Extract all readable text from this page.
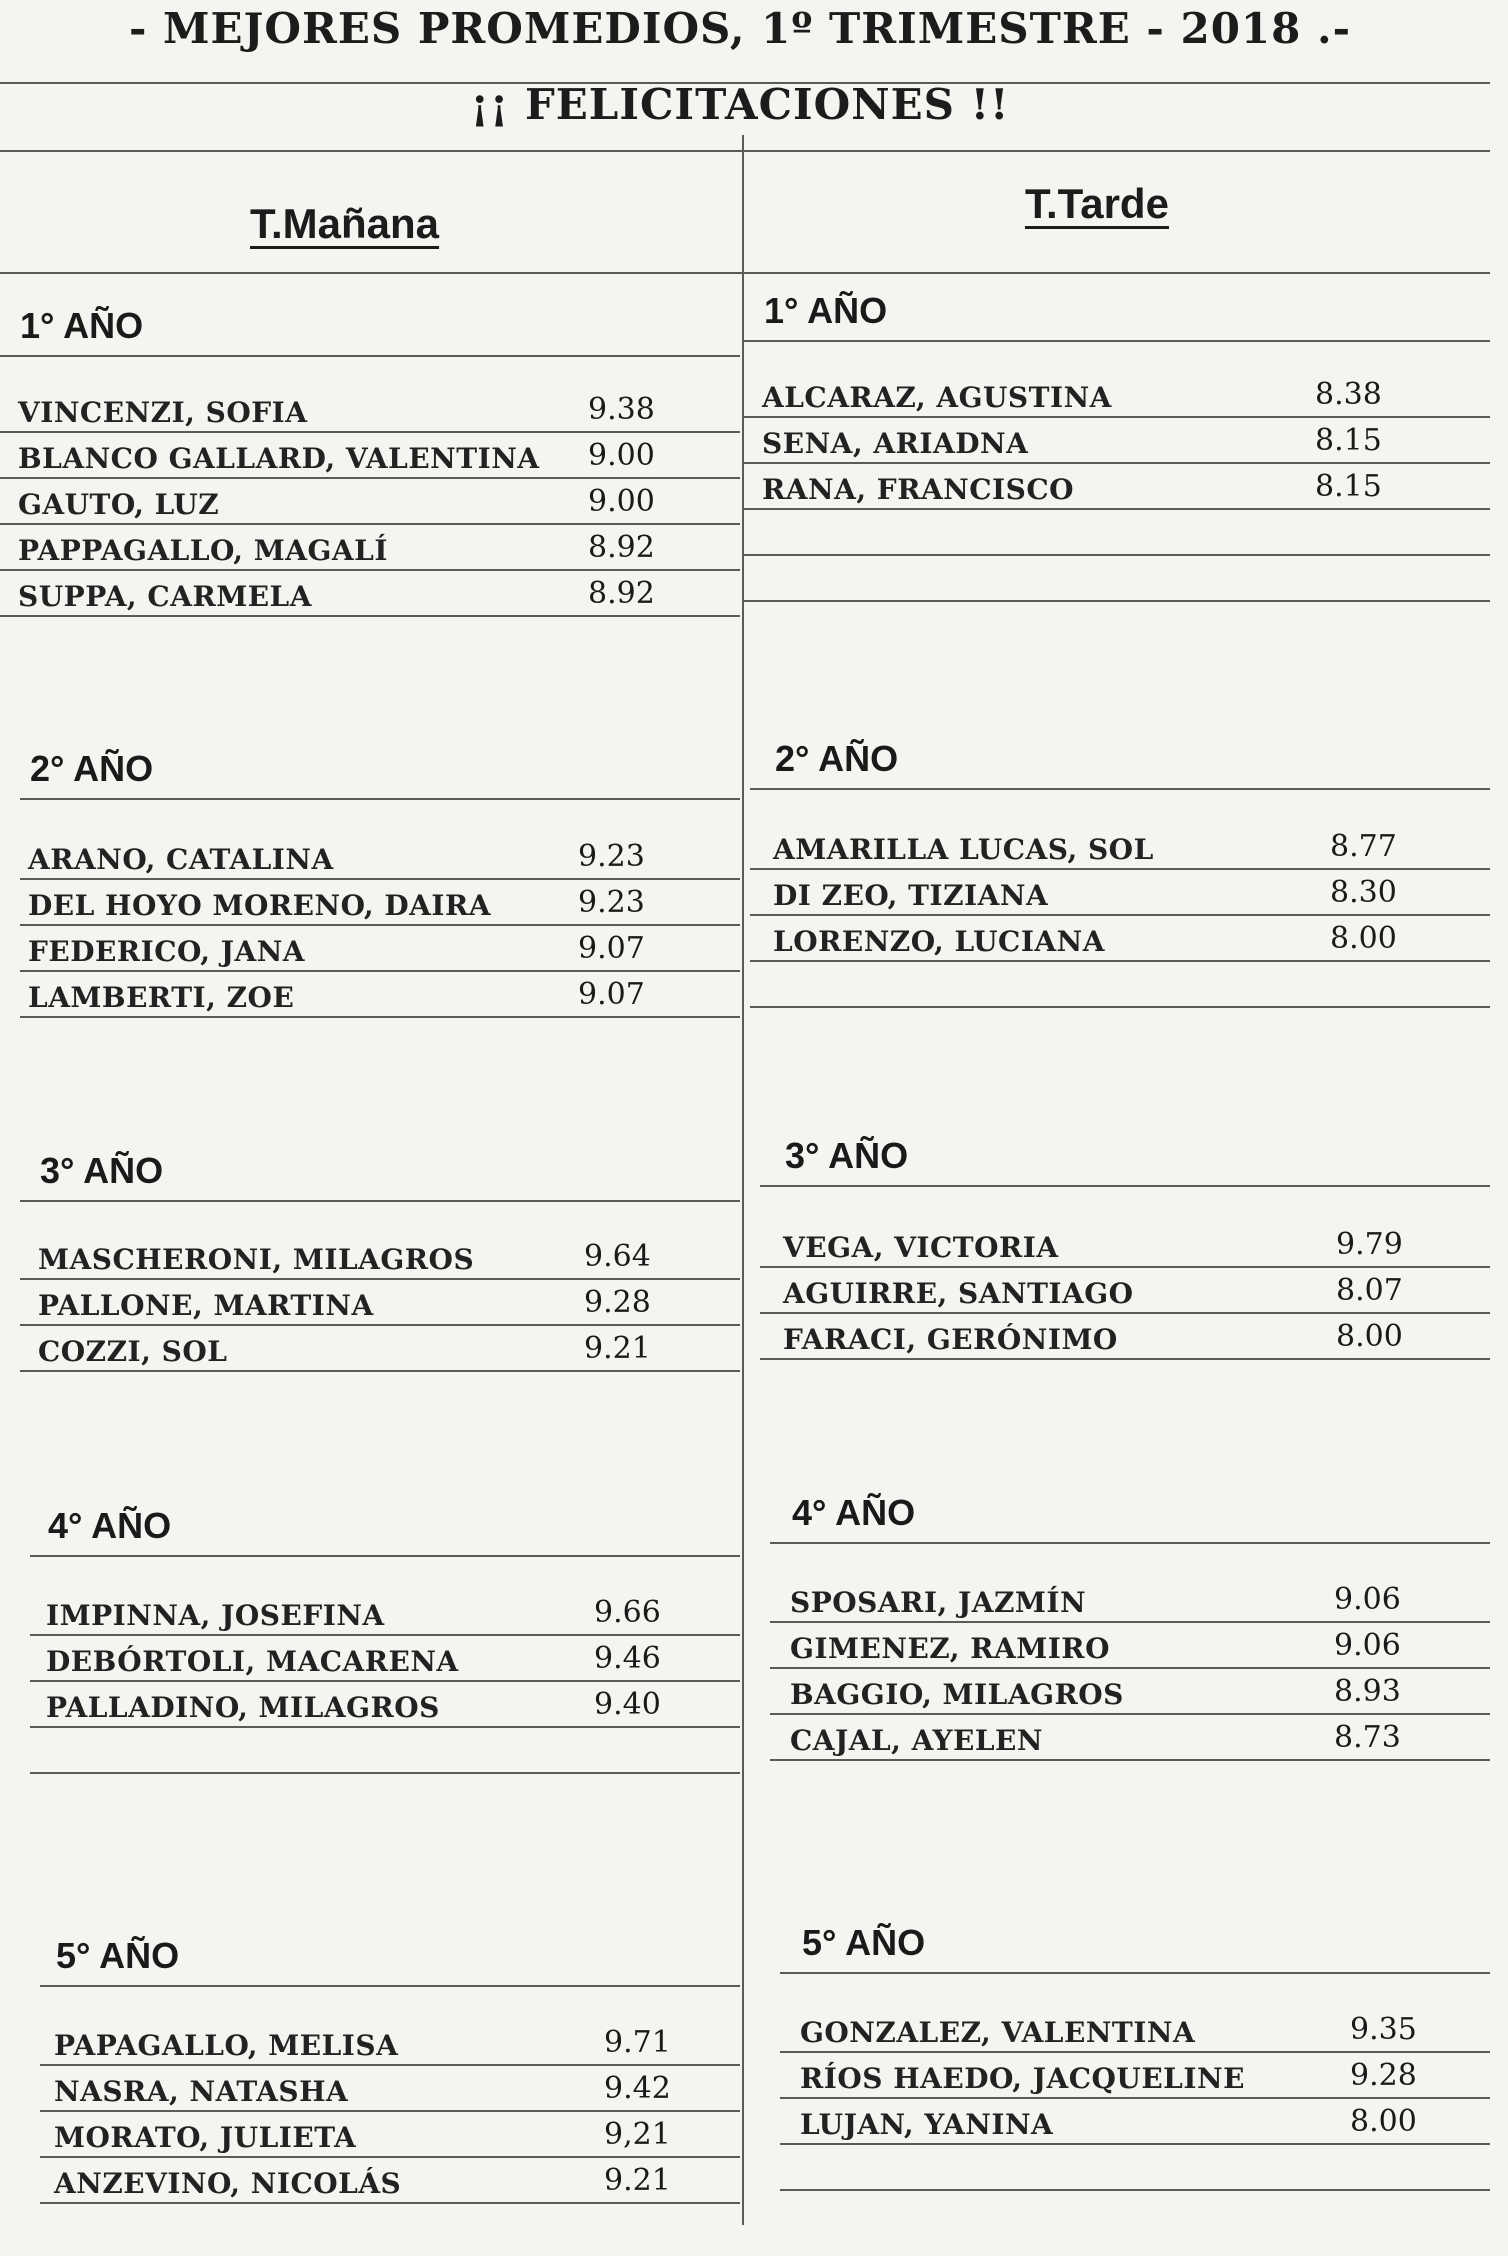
- MEJORES PROMEDIOS, 1º TRIMESTRE - 2018 .-
¡¡ FELICITACIONES !!
T.Mañana	T.Tarde
1° AÑO
VINCENZI, SOFIA	9.38
BLANCO GALLARD, VALENTINA 9.00
GAUTO, LUZ	9.00
PAPPAGALLO, MAGALÍ	8.92
SUPPA, CARMELA	8.92
2° AÑO
ARANO, CATALINA	9.23
DEL HOYO MORENO, DAIRA	9.23
FEDERICO, JANA	9.07
LAMBERTI, ZOE	9.07
3° AÑO
MASCHERONI, MILAGROS	9.64
PALLONE, MARTINA	9.28
COZZI, SOL	9.21
4° AÑO
IMPINNA, JOSEFINA	9.66
DEBÓRTOLI, MACARENA	9.46
PALLADINO, MILAGROS	9.40
5° AÑO
PAPAGALLO, MELISA	9.71
NASRA, NATASHA	9.42
MORATO, JULIETA	9,21
ANZEVINO, NICOLÁS	9.21
1° AÑO
ALCARAZ, AGUSTINA	8.38
SENA, ARIADNA	8.15
RANA, FRANCISCO	8.15
2° AÑO
AMARILLA LUCAS, SOL	8.77
DI ZEO, TIZIANA	8.30
LORENZO, LUCIANA	8.00
3° AÑO
VEGA, VICTORIA	9.79
AGUIRRE, SANTIAGO	8.07
FARACI, GERÓNIMO	8.00
4° AÑO
SPOSARI, JAZMÍN	9.06
GIMENEZ, RAMIRO	9.06
BAGGIO, MILAGROS	8.93
CAJAL, AYELEN	8.73
5° AÑO
GONZALEZ, VALENTINA	9.35
RÍOS HAEDO, JACQUELINE	9.28
LUJAN, YANINA	8.00
